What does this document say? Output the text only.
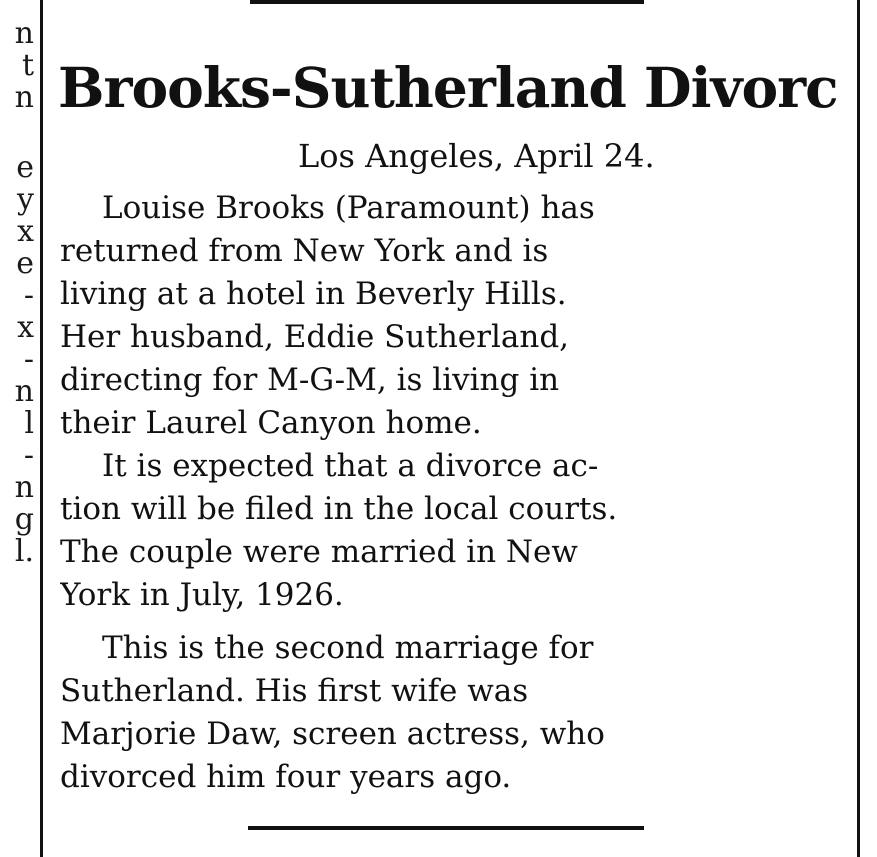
n
t
n
e
y
x
e
-
x
-
n
l
-
n
g
l.
Brooks-Sutherland Divorc
Los Angeles, April 24.
Louise Brooks (Paramount) has
returned from New York and is
living at a hotel in Beverly Hills.
Her husband, Eddie Sutherland,
directing for M-G-M, is living in
their Laurel Canyon home.
It is expected that a divorce ac-
tion will be filed in the local courts.
The couple were married in New
York in July, 1926.
This is the second marriage for
Sutherland. His first wife was
Marjorie Daw, screen actress, who
divorced him four years ago.
